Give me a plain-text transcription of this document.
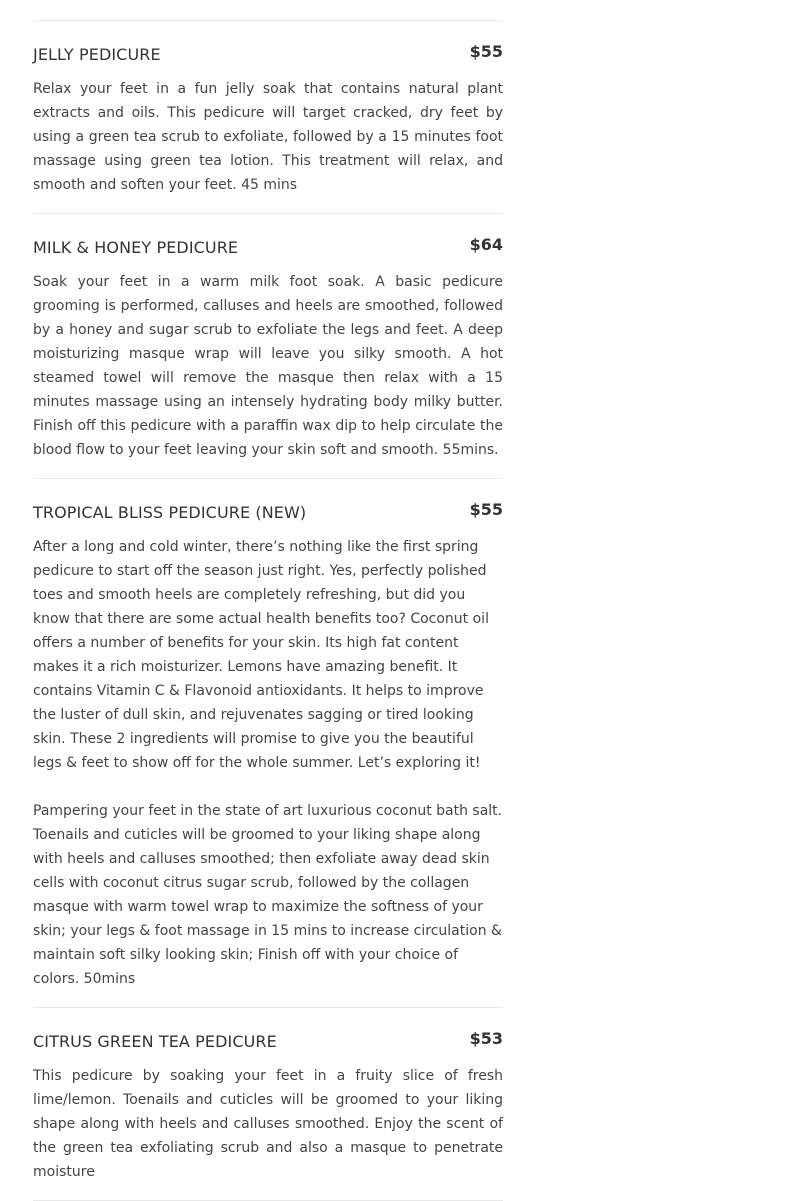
JELLY PEDICURE	$55

Relax your feet in a fun jelly soak that contains natural plant extracts and oils. This pedicure will target cracked, dry feet by using a green tea scrub to exfoliate, followed by a 15 minutes foot massage using green tea lotion. This treatment will relax, and smooth and soften your feet. 45 mins

MILK & HONEY PEDICURE	$64

Soak your feet in a warm milk foot soak. A basic pedicure grooming is performed, calluses and heels are smoothed, followed by a honey and sugar scrub to exfoliate the legs and feet. A deep moisturizing masque wrap will leave you silky smooth. A hot steamed towel will remove the masque then relax with a 15 minutes massage using an intensely hydrating body milky butter. Finish off this pedicure with a paraffin wax dip to help circulate the blood flow to your feet leaving your skin soft and smooth. 55mins.

TROPICAL BLISS PEDICURE (NEW)	$55

After a long and cold winter, there’s nothing like the first spring pedicure to start off the season just right. Yes, perfectly polished toes and smooth heels are completely refreshing, but did you know that there are some actual health benefits too? Coconut oil offers a number of benefits for your skin. Its high fat content makes it a rich moisturizer. Lemons have amazing benefit. It contains Vitamin C & Flavonoid antioxidants. It helps to improve the luster of dull skin, and rejuvenates sagging or tired looking skin. These 2 ingredients will promise to give you the beautiful legs & feet to show off for the whole summer. Let’s exploring it!

Pampering your feet in the state of art luxurious coconut bath salt. Toenails and cuticles will be groomed to your liking shape along with heels and calluses smoothed; then exfoliate away dead skin cells with coconut citrus sugar scrub, followed by the collagen masque with warm towel wrap to maximize the softness of your skin; your legs & foot massage in 15 mins to increase circulation & maintain soft silky looking skin; Finish off with your choice of colors. 50mins

CITRUS GREEN TEA PEDICURE	$53

This pedicure by soaking your feet in a fruity slice of fresh lime/lemon. Toenails and cuticles will be groomed to your liking shape along with heels and calluses smoothed. Enjoy the scent of the green tea exfoliating scrub and also a masque to penetrate moisture
